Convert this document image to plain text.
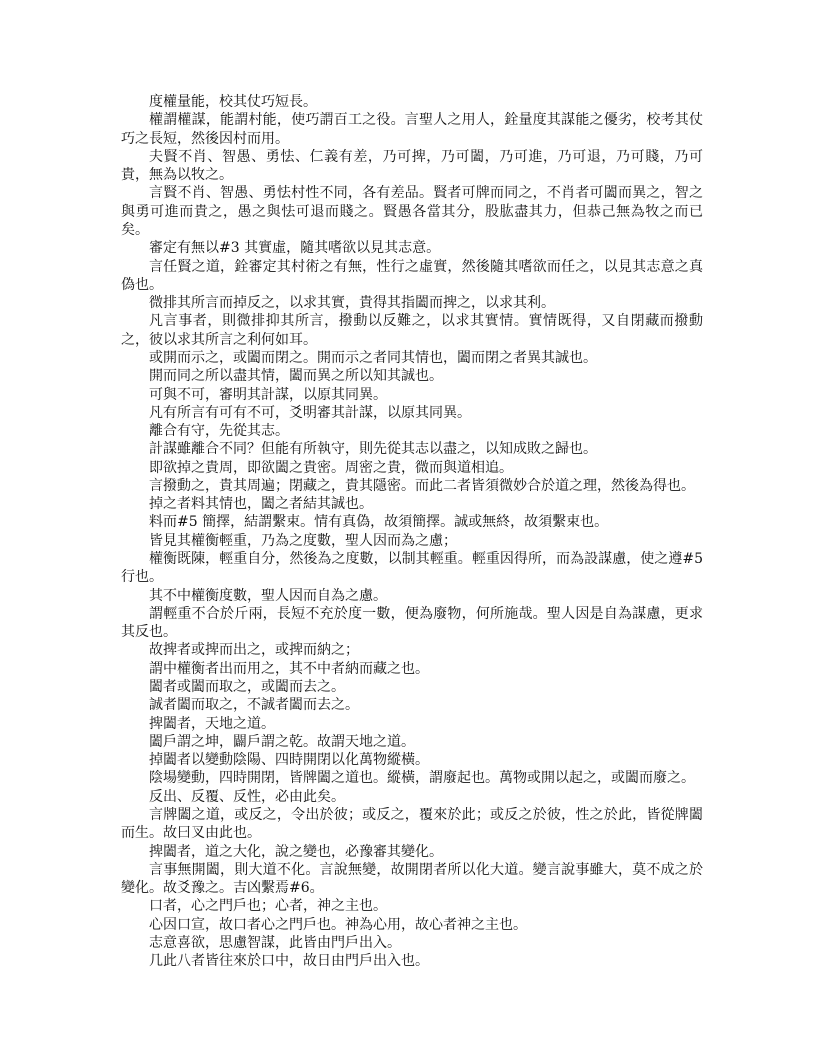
度權量能，校其仗巧短長。

權謂權謀，能謂村能，使巧謂百工之役。言聖人之用人，銓量度其謀能之優劣，校考其仗巧之長短，然後因村而用。

夫賢不肖、智愚、勇怯、仁義有差，乃可捭，乃可闔，乃可進，乃可退，乃可賤，乃可貴，無為以牧之。

言賢不肖、智愚、勇怯村性不同，各有差品。賢者可牌而同之，不肖者可闔而異之，智之與勇可進而貴之，愚之與怯可退而賤之。賢愚各當其分，股肱盡其力，但恭己無為牧之而已矣。

審定有無以#3 其實虛，隨其嗜欲以見其志意。

言任賢之道，銓審定其村術之有無，性行之虛實，然後隨其嗜欲而任之，以見其志意之真偽也。

微排其所言而掉反之，以求其實，貴得其指闔而捭之，以求其利。

凡言事者，則微排抑其所言，撥動以反難之，以求其實情。實情既得，又自閉藏而撥動之，彼以求其所言之利何如耳。

或開而示之，或闔而閉之。開而示之者同其情也，闔而閉之者異其誠也。

開而同之所以盡其情，闔而異之所以知其誠也。

可與不可，審明其計謀，以原其同異。

凡有所言有可有不可，爻明審其計謀，以原其同異。

離合有守，先從其志。

計謀雖離合不同？但能有所執守，則先從其志以盡之，以知成敗之歸也。

即欲掉之貴周，即欲闔之貴密。周密之貴，微而與道相追。

言撥動之，貴其周遍；閉藏之，貴其隱密。而此二者皆須微妙合於道之理，然後為得也。

掉之者料其情也，闔之者結其誠也。

料而#5 簡擇，結謂繫束。情有真偽，故須簡擇。誠或無終，故須繫束也。

皆見其權衡輕重，乃為之度數，聖人因而為之慮；

權衡既陳，輕重自分，然後為之度數，以制其輕重。輕重因得所，而為設謀慮，使之遵#5行也。

其不中權衡度數，聖人因而自為之慮。

謂輕重不合於斤兩，長短不充於度一數，便為廢物，何所施哉。聖人因是自為謀慮，更求其反也。

故捭者或捭而出之，或捭而納之；

謂中權衡者出而用之，其不中者納而藏之也。

闔者或闔而取之，或闔而去之。

誠者闔而取之，不誠者闔而去之。

捭闔者，天地之道。

闔戶謂之坤，闢戶謂之乾。故謂天地之道。

掉闔者以變動陰陽、四時開閉以化萬物縱橫。

陰場變動，四時開閉，皆牌闔之道也。縱橫，謂廢起也。萬物或開以起之，或闔而廢之。

反出、反覆、反性，必由此矣。

言牌闔之道，或反之，令出於彼；或反之，覆來於此；或反之於彼，性之於此，皆從牌闔而生。故曰叉由此也。

捭闔者，道之大化，說之變也，必豫審其變化。

言事無開闔，則大道不化。言說無變，故開閉者所以化大道。變言說事雖大，莫不成之於變化。故爻豫之。吉凶繫焉#6。

口者，心之門戶也；心者，神之主也。

心因口宣，故口者心之門戶也。神為心用，故心者神之主也。

志意喜欲，思慮智謀，此皆由門戶出入。

几此八者皆往來於口中，故日由門戶出入也。
